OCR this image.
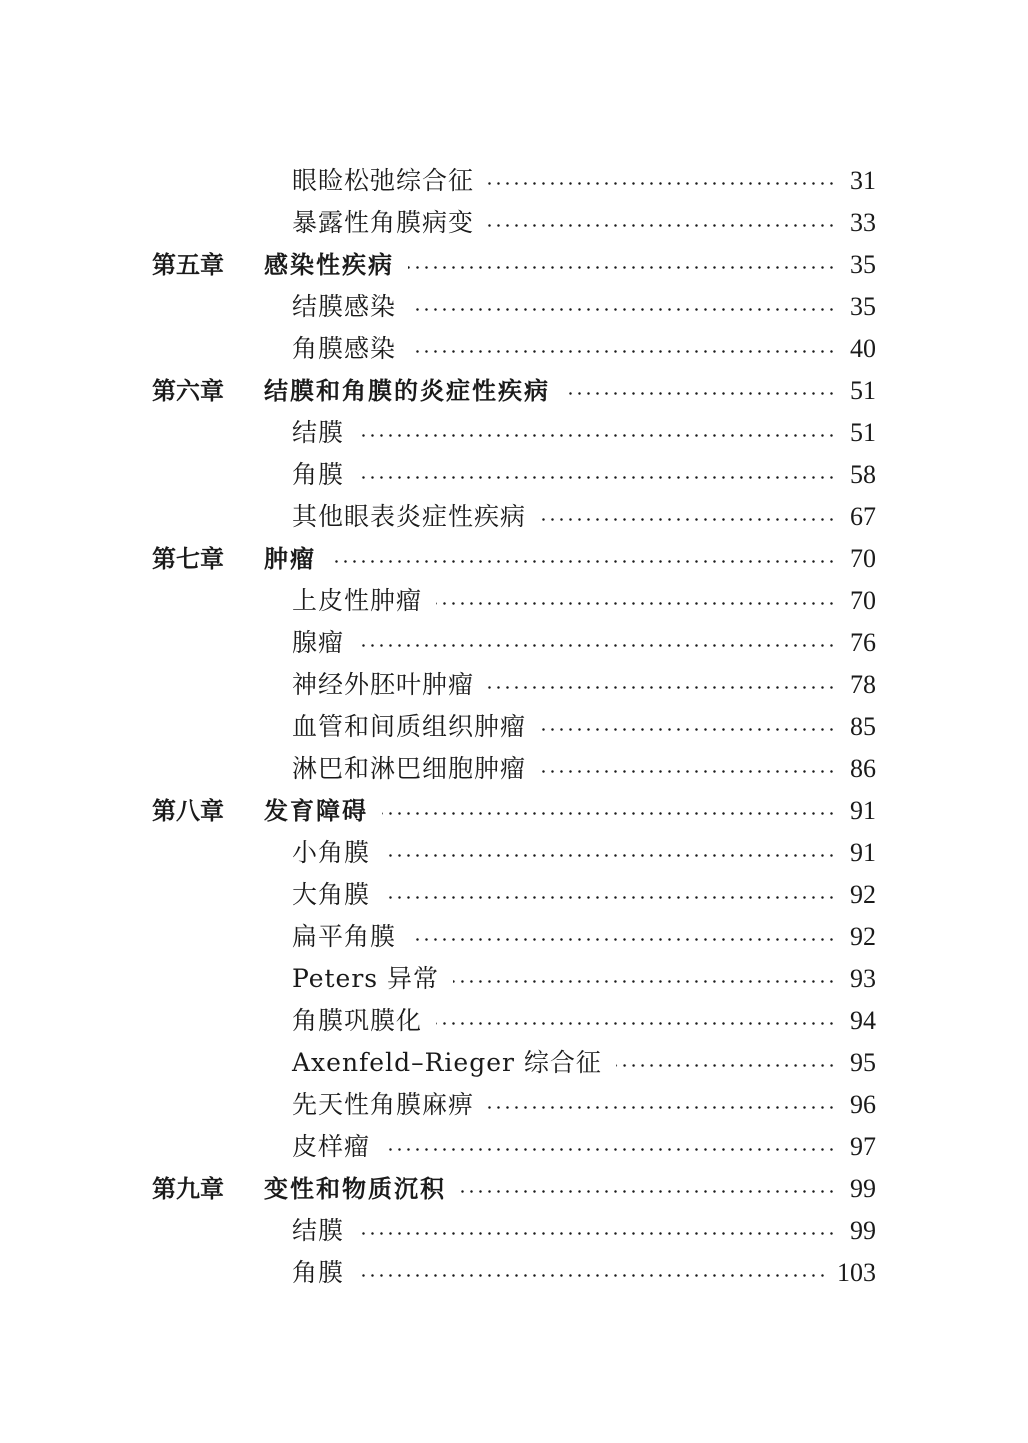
眼睑松弛综合征	31
暴露性角膜病变	33
第五章	感染性疾病	35
结膜感染	35
角膜感染	40
第六章	结膜和角膜的炎症性疾病	51
结膜	51
角膜	58
其他眼表炎症性疾病	67
第七章	肿瘤	70
上皮性肿瘤	70
腺瘤	76
神经外胚叶肿瘤	78
血管和间质组织肿瘤	85
淋巴和淋巴细胞肿瘤	86
第八章	发育障碍	91
小角膜	91
大角膜	92
扁平角膜	92
Peters 异常	93
角膜巩膜化	94
Axenfeld–Rieger 综合征	95
先天性角膜麻痹	96
皮样瘤	97
第九章	变性和物质沉积	99
结膜	99
角膜	103
